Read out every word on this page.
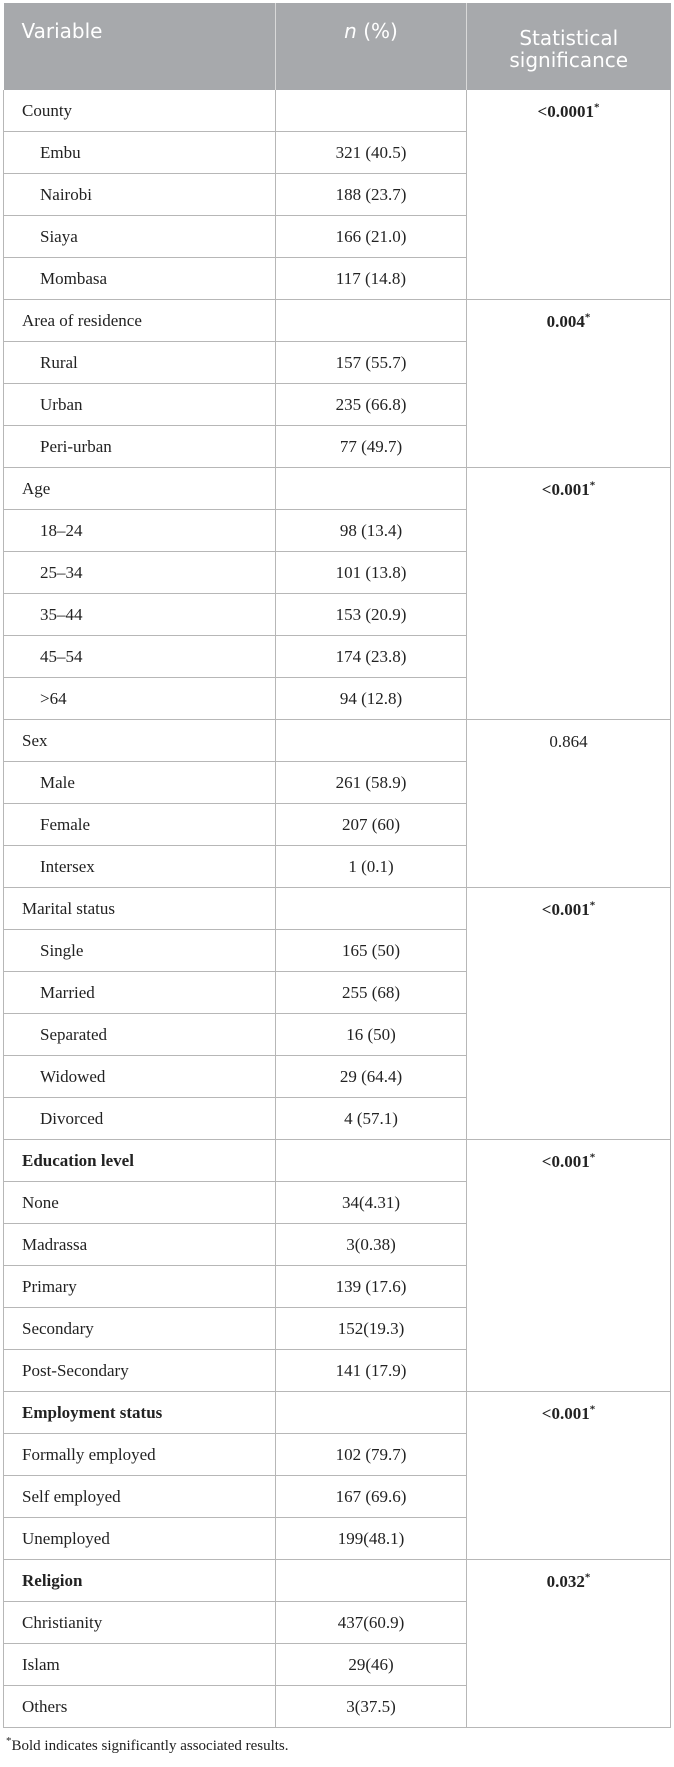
Variable	n (%)	Statistical
significance
County		<0.0001*
Embu	321 (40.5)	
Nairobi	188 (23.7)	
Siaya	166 (21.0)	
Mombasa	117 (14.8)	
Area of residence		0.004*
Rural	157 (55.7)	
Urban	235 (66.8)	
Peri-urban	77 (49.7)	
Age		<0.001*
18–24	98 (13.4)	
25–34	101 (13.8)	
35–44	153 (20.9)	
45–54	174 (23.8)	
>64	94 (12.8)	
Sex		0.864
Male	261 (58.9)	
Female	207 (60)	
Intersex	1 (0.1)	
Marital status		<0.001*
Single	165 (50)	
Married	255 (68)	
Separated	16 (50)	
Widowed	29 (64.4)	
Divorced	4 (57.1)	
Education level		<0.001*
None	34(4.31)	
Madrassa	3(0.38)	
Primary	139 (17.6)	
Secondary	152(19.3)	
Post-Secondary	141 (17.9)	
Employment status		<0.001*
Formally employed	102 (79.7)	
Self employed	167 (69.6)	
Unemployed	199(48.1)	
Religion		0.032*
Christianity	437(60.9)	
Islam	29(46)	
Others	3(37.5)	
*Bold indicates significantly associated results.
